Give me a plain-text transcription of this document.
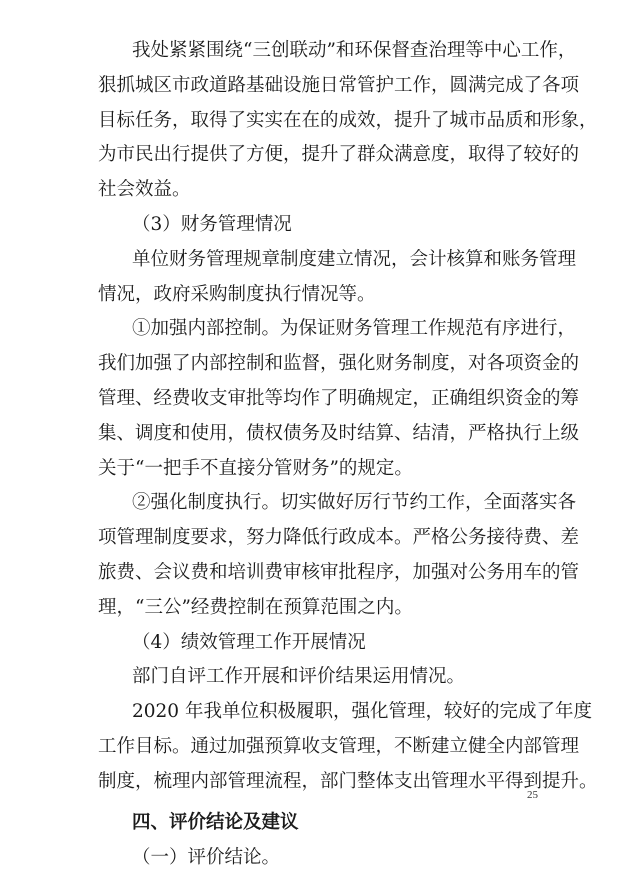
我处紧紧围绕“三创联动”和环保督查治理等中心工作，
狠抓城区市政道路基础设施日常管护工作，圆满完成了各项
目标任务，取得了实实在在的成效，提升了城市品质和形象，
为市民出行提供了方便，提升了群众满意度，取得了较好的
社会效益。
（3）财务管理情况
单位财务管理规章制度建立情况，会计核算和账务管理
情况，政府采购制度执行情况等。
①加强内部控制。为保证财务管理工作规范有序进行，
我们加强了内部控制和监督，强化财务制度，对各项资金的
管理、经费收支审批等均作了明确规定，正确组织资金的筹
集、调度和使用，债权债务及时结算、结清，严格执行上级
关于“一把手不直接分管财务”的规定。
②强化制度执行。切实做好厉行节约工作，全面落实各
项管理制度要求，努力降低行政成本。严格公务接待费、差
旅费、会议费和培训费审核审批程序，加强对公务用车的管
理，“三公”经费控制在预算范围之内。
（4）绩效管理工作开展情况
部门自评工作开展和评价结果运用情况。
2020 年我单位积极履职，强化管理，较好的完成了年度
工作目标。通过加强预算收支管理，不断建立健全内部管理
制度，梳理内部管理流程，部门整体支出管理水平得到提升。
四、评价结论及建议
25
（一）评价结论。
